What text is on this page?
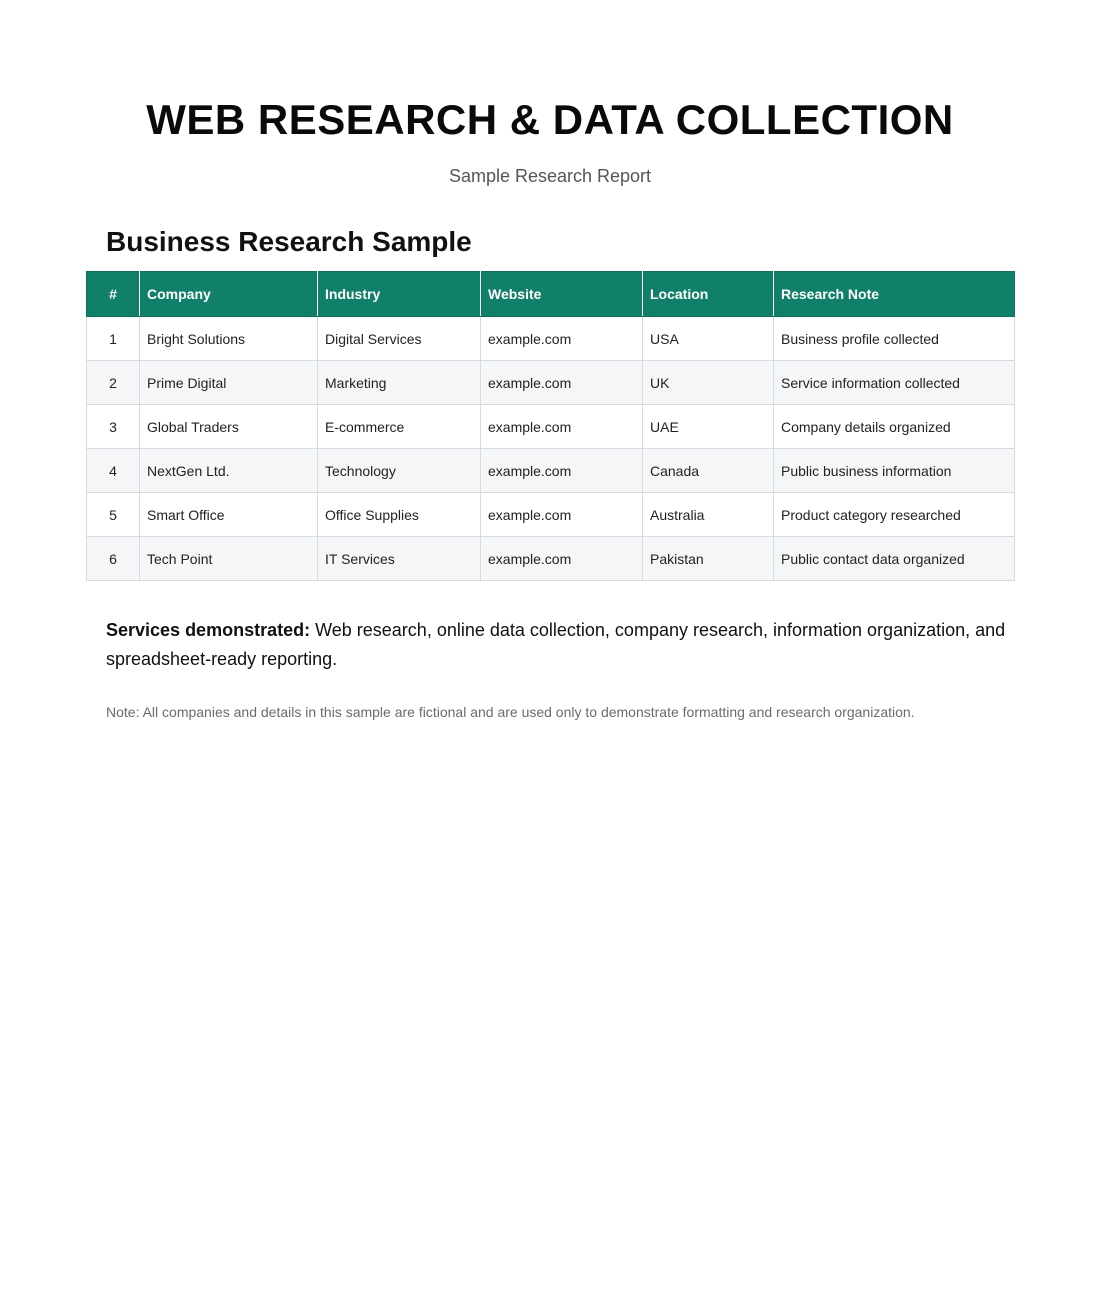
WEB RESEARCH & DATA COLLECTION

Sample Research Report

Business Research Sample
#	Company	Industry	Website	Location	Research Note
1	Bright Solutions	Digital Services	example.com	USA	Business profile collected
2	Prime Digital	Marketing	example.com	UK	Service information collected
3	Global Traders	E-commerce	example.com	UAE	Company details organized
4	NextGen Ltd.	Technology	example.com	Canada	Public business information
5	Smart Office	Office Supplies	example.com	Australia	Product category researched
6	Tech Point	IT Services	example.com	Pakistan	Public contact data organized

Services demonstrated: Web research, online data collection, company research, information organization, and spreadsheet-ready reporting.

Note: All companies and details in this sample are fictional and are used only to demonstrate formatting and research organization.
